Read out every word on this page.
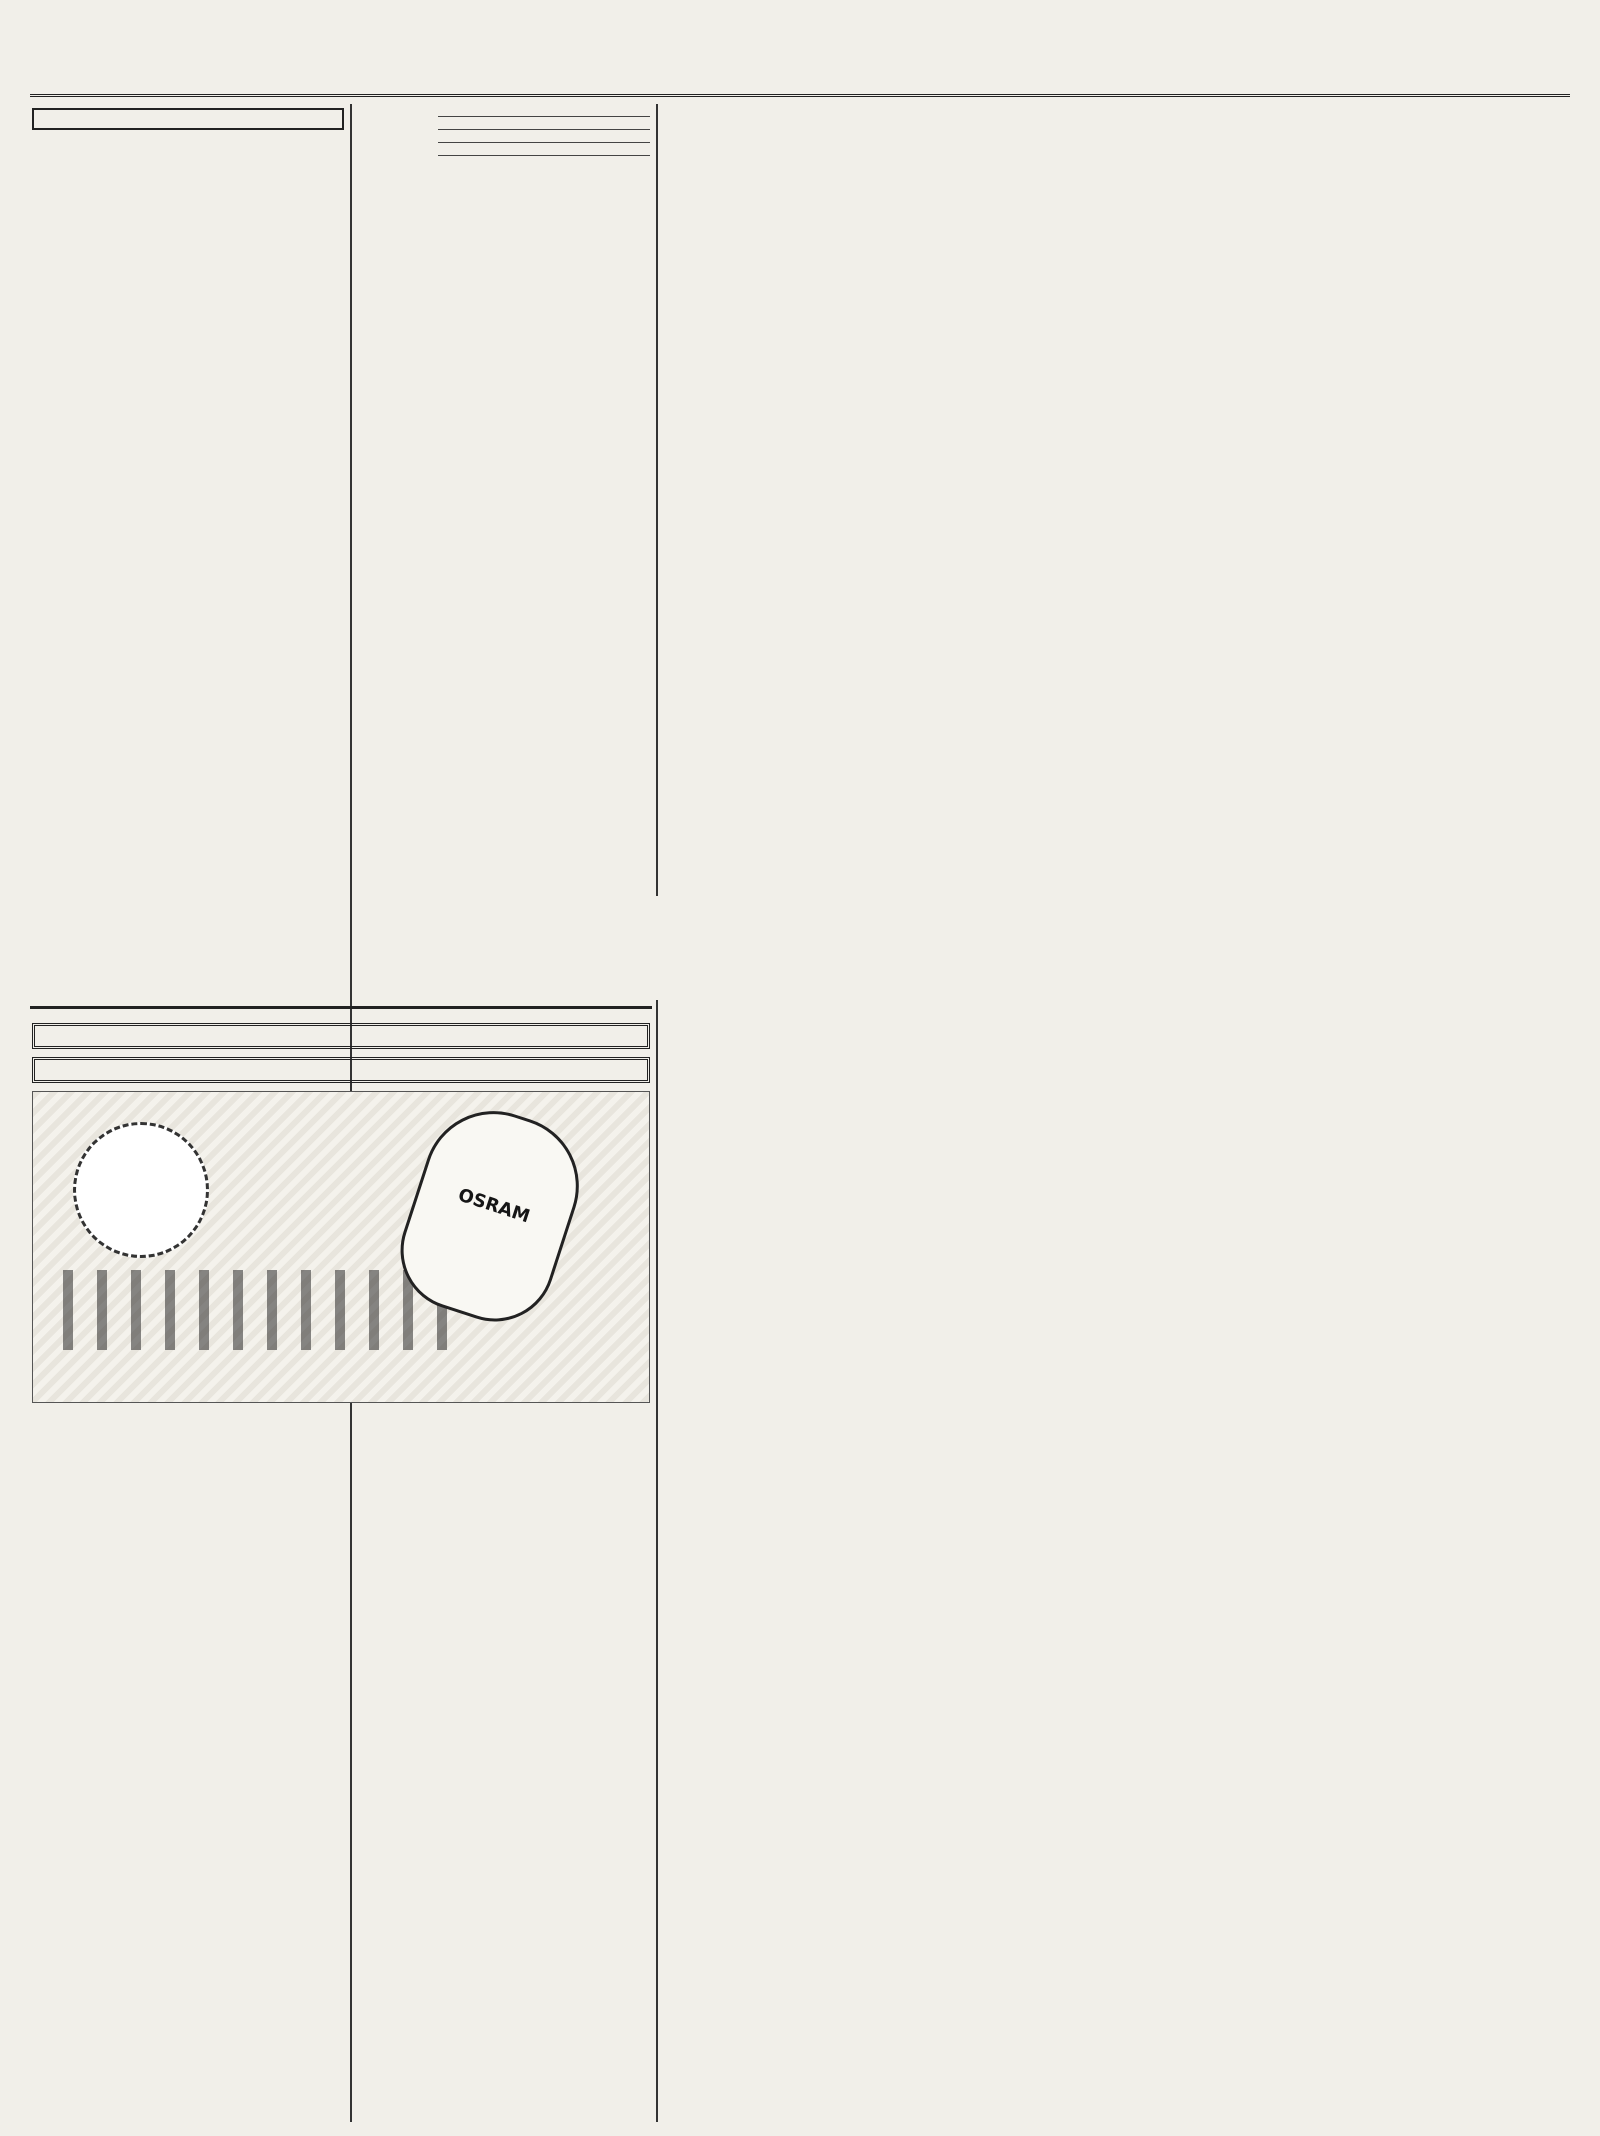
OSRAM
